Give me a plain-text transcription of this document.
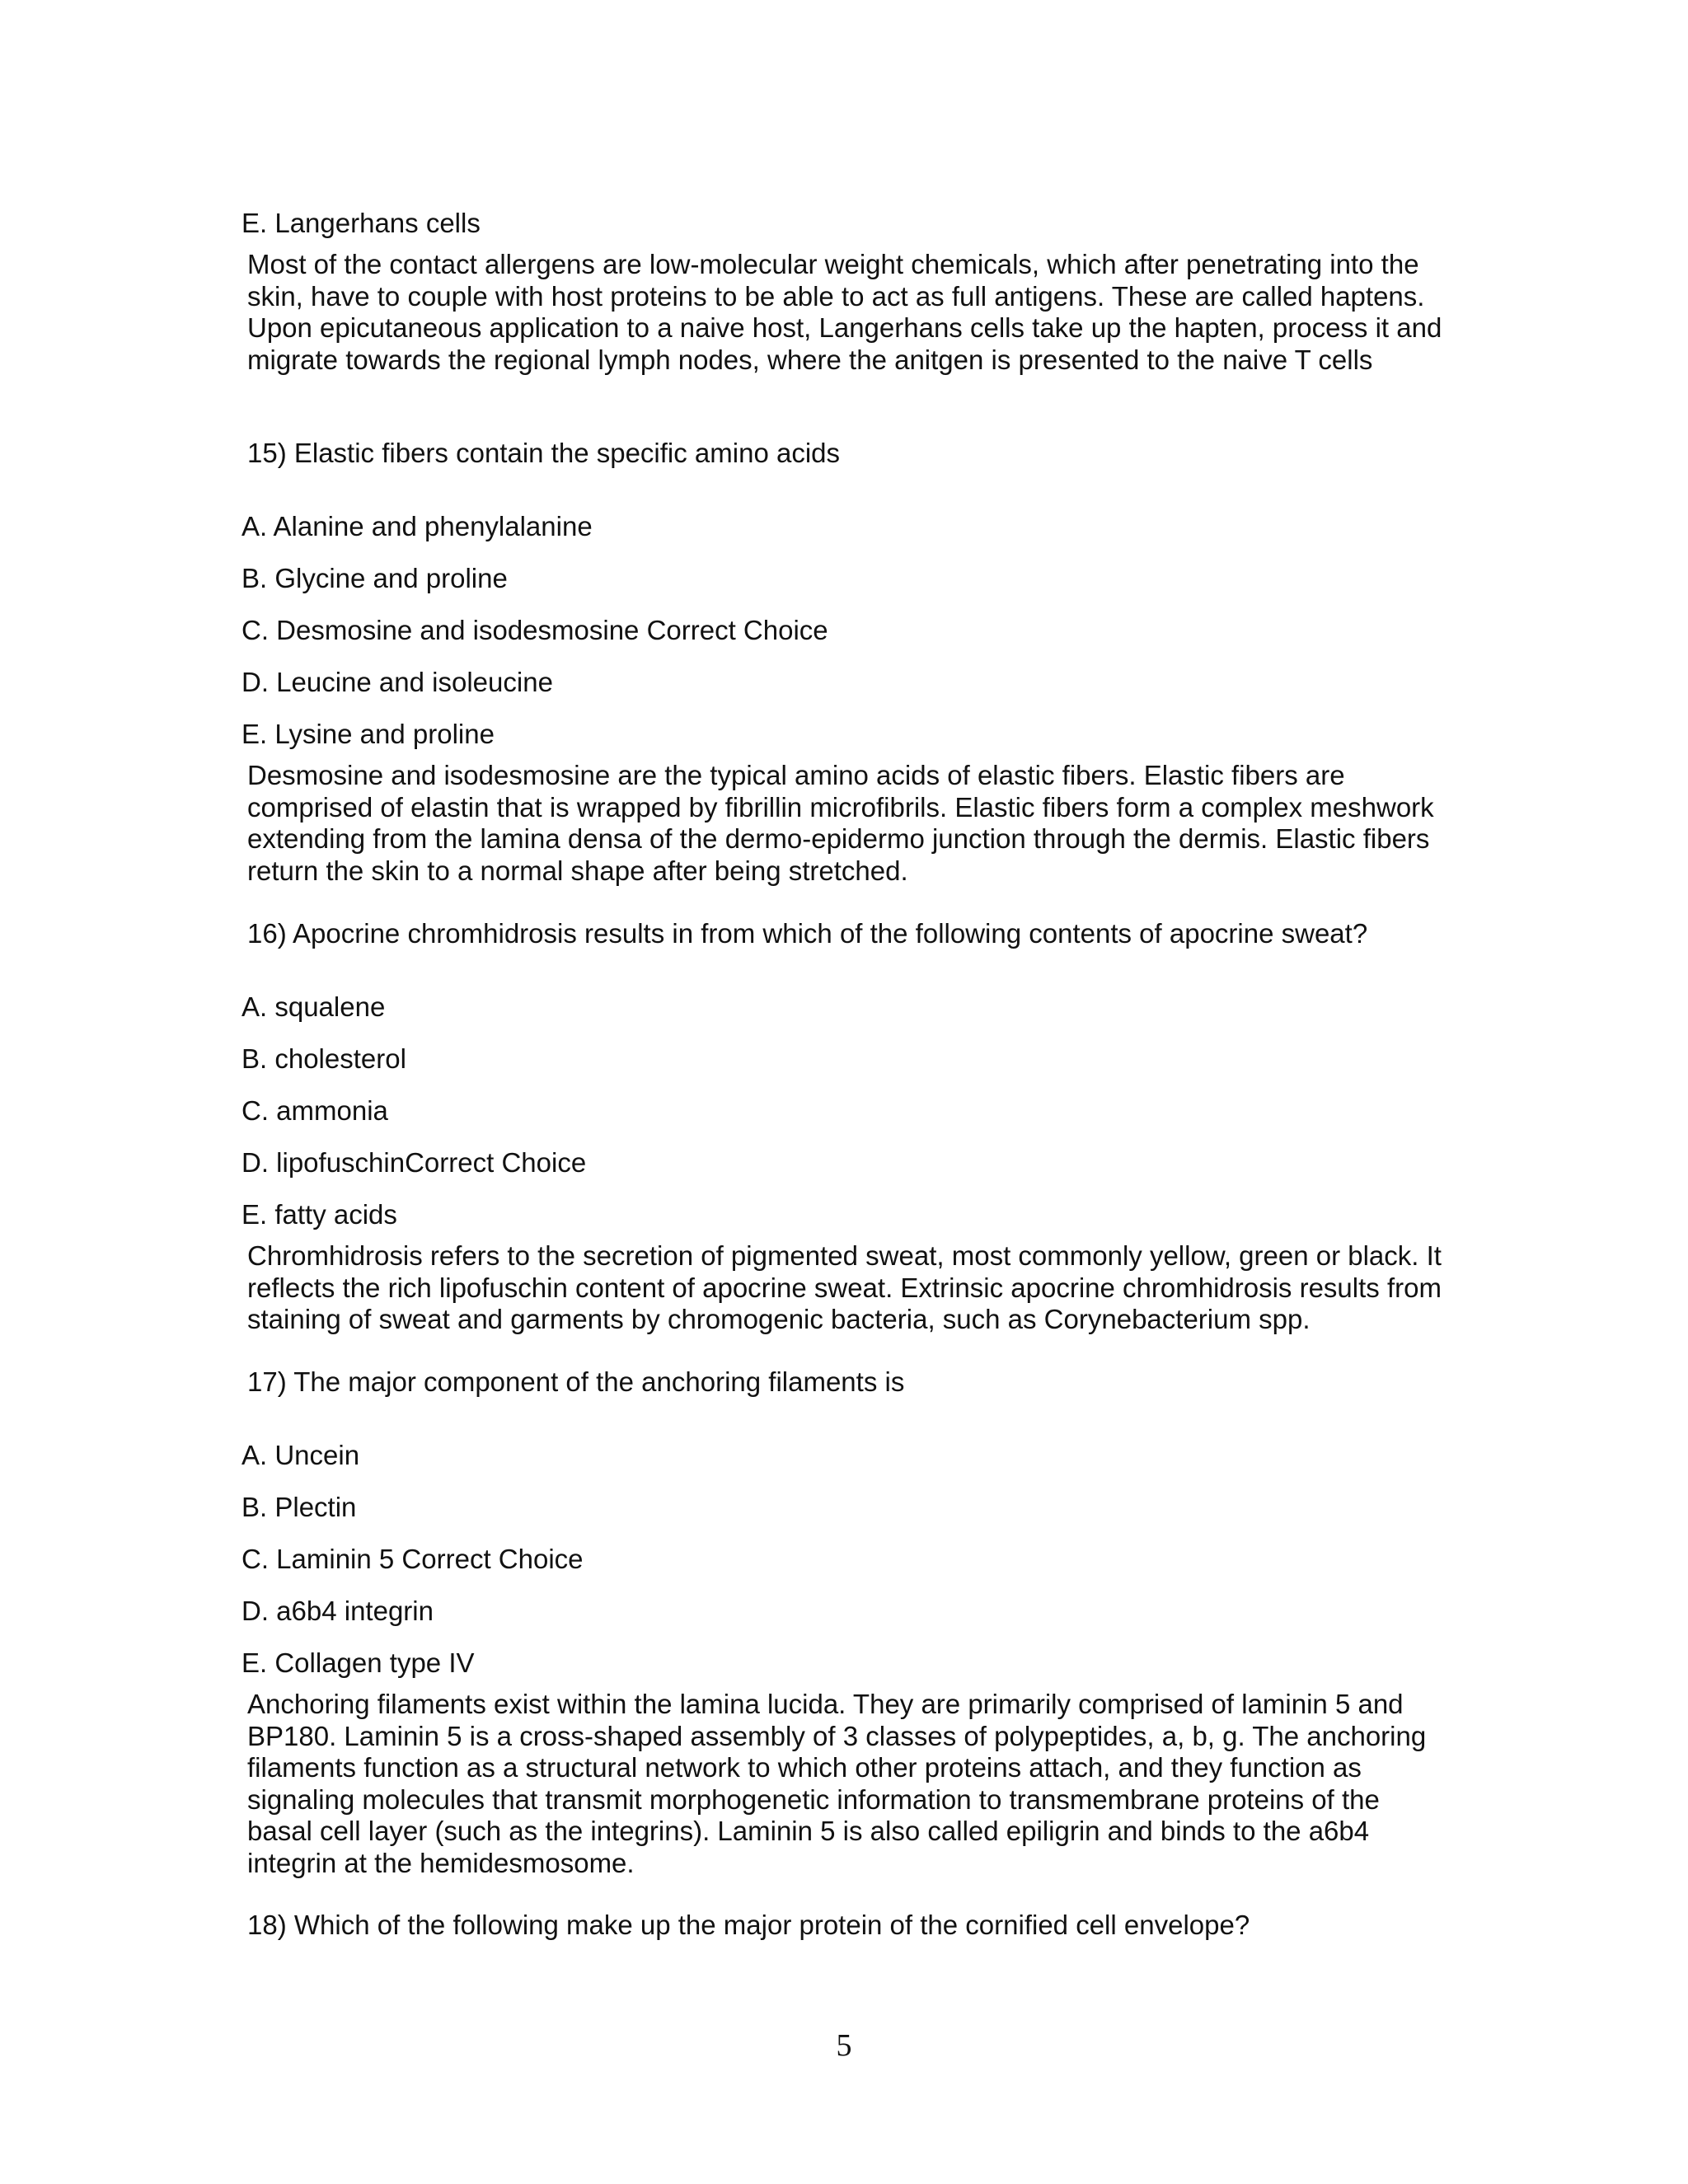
E. Langerhans cells
Most of the contact allergens are low-molecular weight chemicals, which after penetrating into the skin, have to couple with host proteins to be able to act as full antigens. These are called haptens. Upon epicutaneous application to a naive host, Langerhans cells take up the hapten, process it and migrate towards the regional lymph nodes, where the anitgen is presented to the naive T cells
15) Elastic fibers contain the specific amino acids
A. Alanine and phenylalanine
B. Glycine and proline
C. Desmosine and isodesmosine Correct Choice
D. Leucine and isoleucine
E. Lysine and proline
Desmosine and isodesmosine are the typical amino acids of elastic fibers. Elastic fibers are comprised of elastin that is wrapped by fibrillin microfibrils. Elastic fibers form a complex meshwork extending from the lamina densa of the dermo-epidermo junction through the dermis. Elastic fibers return the skin to a normal shape after being stretched.
16) Apocrine chromhidrosis results in from which of the following contents of apocrine sweat?
A. squalene
B. cholesterol
C. ammonia
D. lipofuschinCorrect Choice
E. fatty acids
Chromhidrosis refers to the secretion of pigmented sweat, most commonly yellow, green or black. It reflects the rich lipofuschin content of apocrine sweat. Extrinsic apocrine chromhidrosis results from staining of sweat and garments by chromogenic bacteria, such as Corynebacterium spp.
17) The major component of the anchoring filaments is
A. Uncein
B. Plectin
C. Laminin 5 Correct Choice
D. a6b4 integrin
E. Collagen type IV
Anchoring filaments exist within the lamina lucida. They are primarily comprised of laminin 5 and BP180. Laminin 5 is a cross-shaped assembly of 3 classes of polypeptides, a, b, g. The anchoring filaments function as a structural network to which other proteins attach, and they function as signaling molecules that transmit morphogenetic information to transmembrane proteins of the basal cell layer (such as the integrins). Laminin 5 is also called epiligrin and binds to the a6b4 integrin at the hemidesmosome.
18) Which of the following make up the major protein of the cornified cell envelope?
5
